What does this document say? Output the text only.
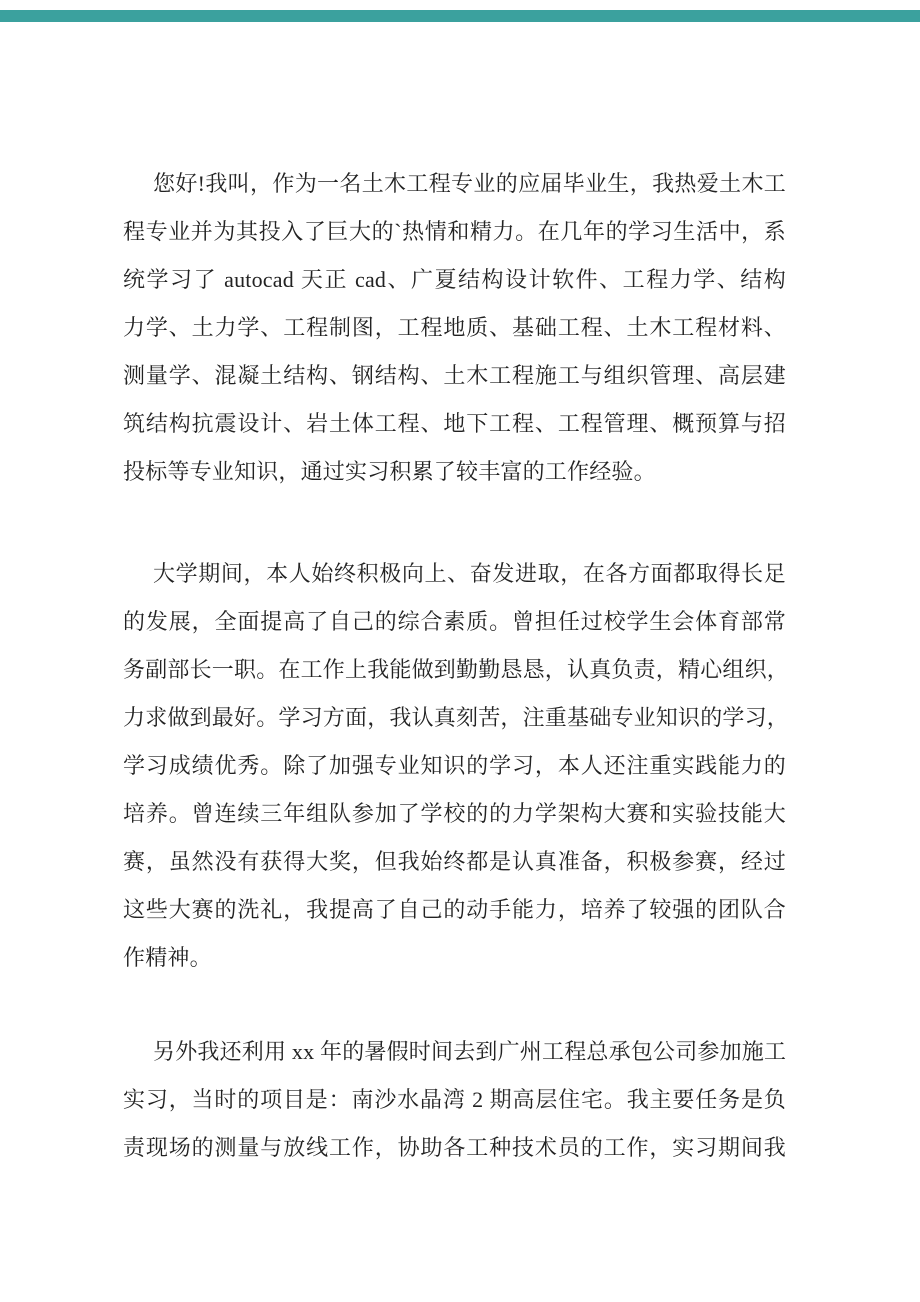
您好!我叫，作为一名土木工程专业的应届毕业生，我热爱土木工
程专业并为其投入了巨大的`热情和精力。在几年的学习生活中，系
统学习了 autocad 天正 cad、广夏结构设计软件、工程力学、结构
力学、土力学、工程制图，工程地质、基础工程、土木工程材料、
测量学、混凝土结构、钢结构、土木工程施工与组织管理、高层建
筑结构抗震设计、岩土体工程、地下工程、工程管理、概预算与招
投标等专业知识，通过实习积累了较丰富的工作经验。
大学期间，本人始终积极向上、奋发进取，在各方面都取得长足
的发展，全面提高了自己的综合素质。曾担任过校学生会体育部常
务副部长一职。在工作上我能做到勤勤恳恳，认真负责，精心组织，
力求做到最好。学习方面，我认真刻苦，注重基础专业知识的学习，
学习成绩优秀。除了加强专业知识的学习，本人还注重实践能力的
培养。曾连续三年组队参加了学校的的力学架构大赛和实验技能大
赛，虽然没有获得大奖，但我始终都是认真准备，积极参赛，经过
这些大赛的洗礼，我提高了自己的动手能力，培养了较强的团队合
作精神。
另外我还利用 xx 年的暑假时间去到广州工程总承包公司参加施工
实习，当时的项目是：南沙水晶湾 2 期高层住宅。我主要任务是负
责现场的测量与放线工作，协助各工种技术员的工作，实习期间我
